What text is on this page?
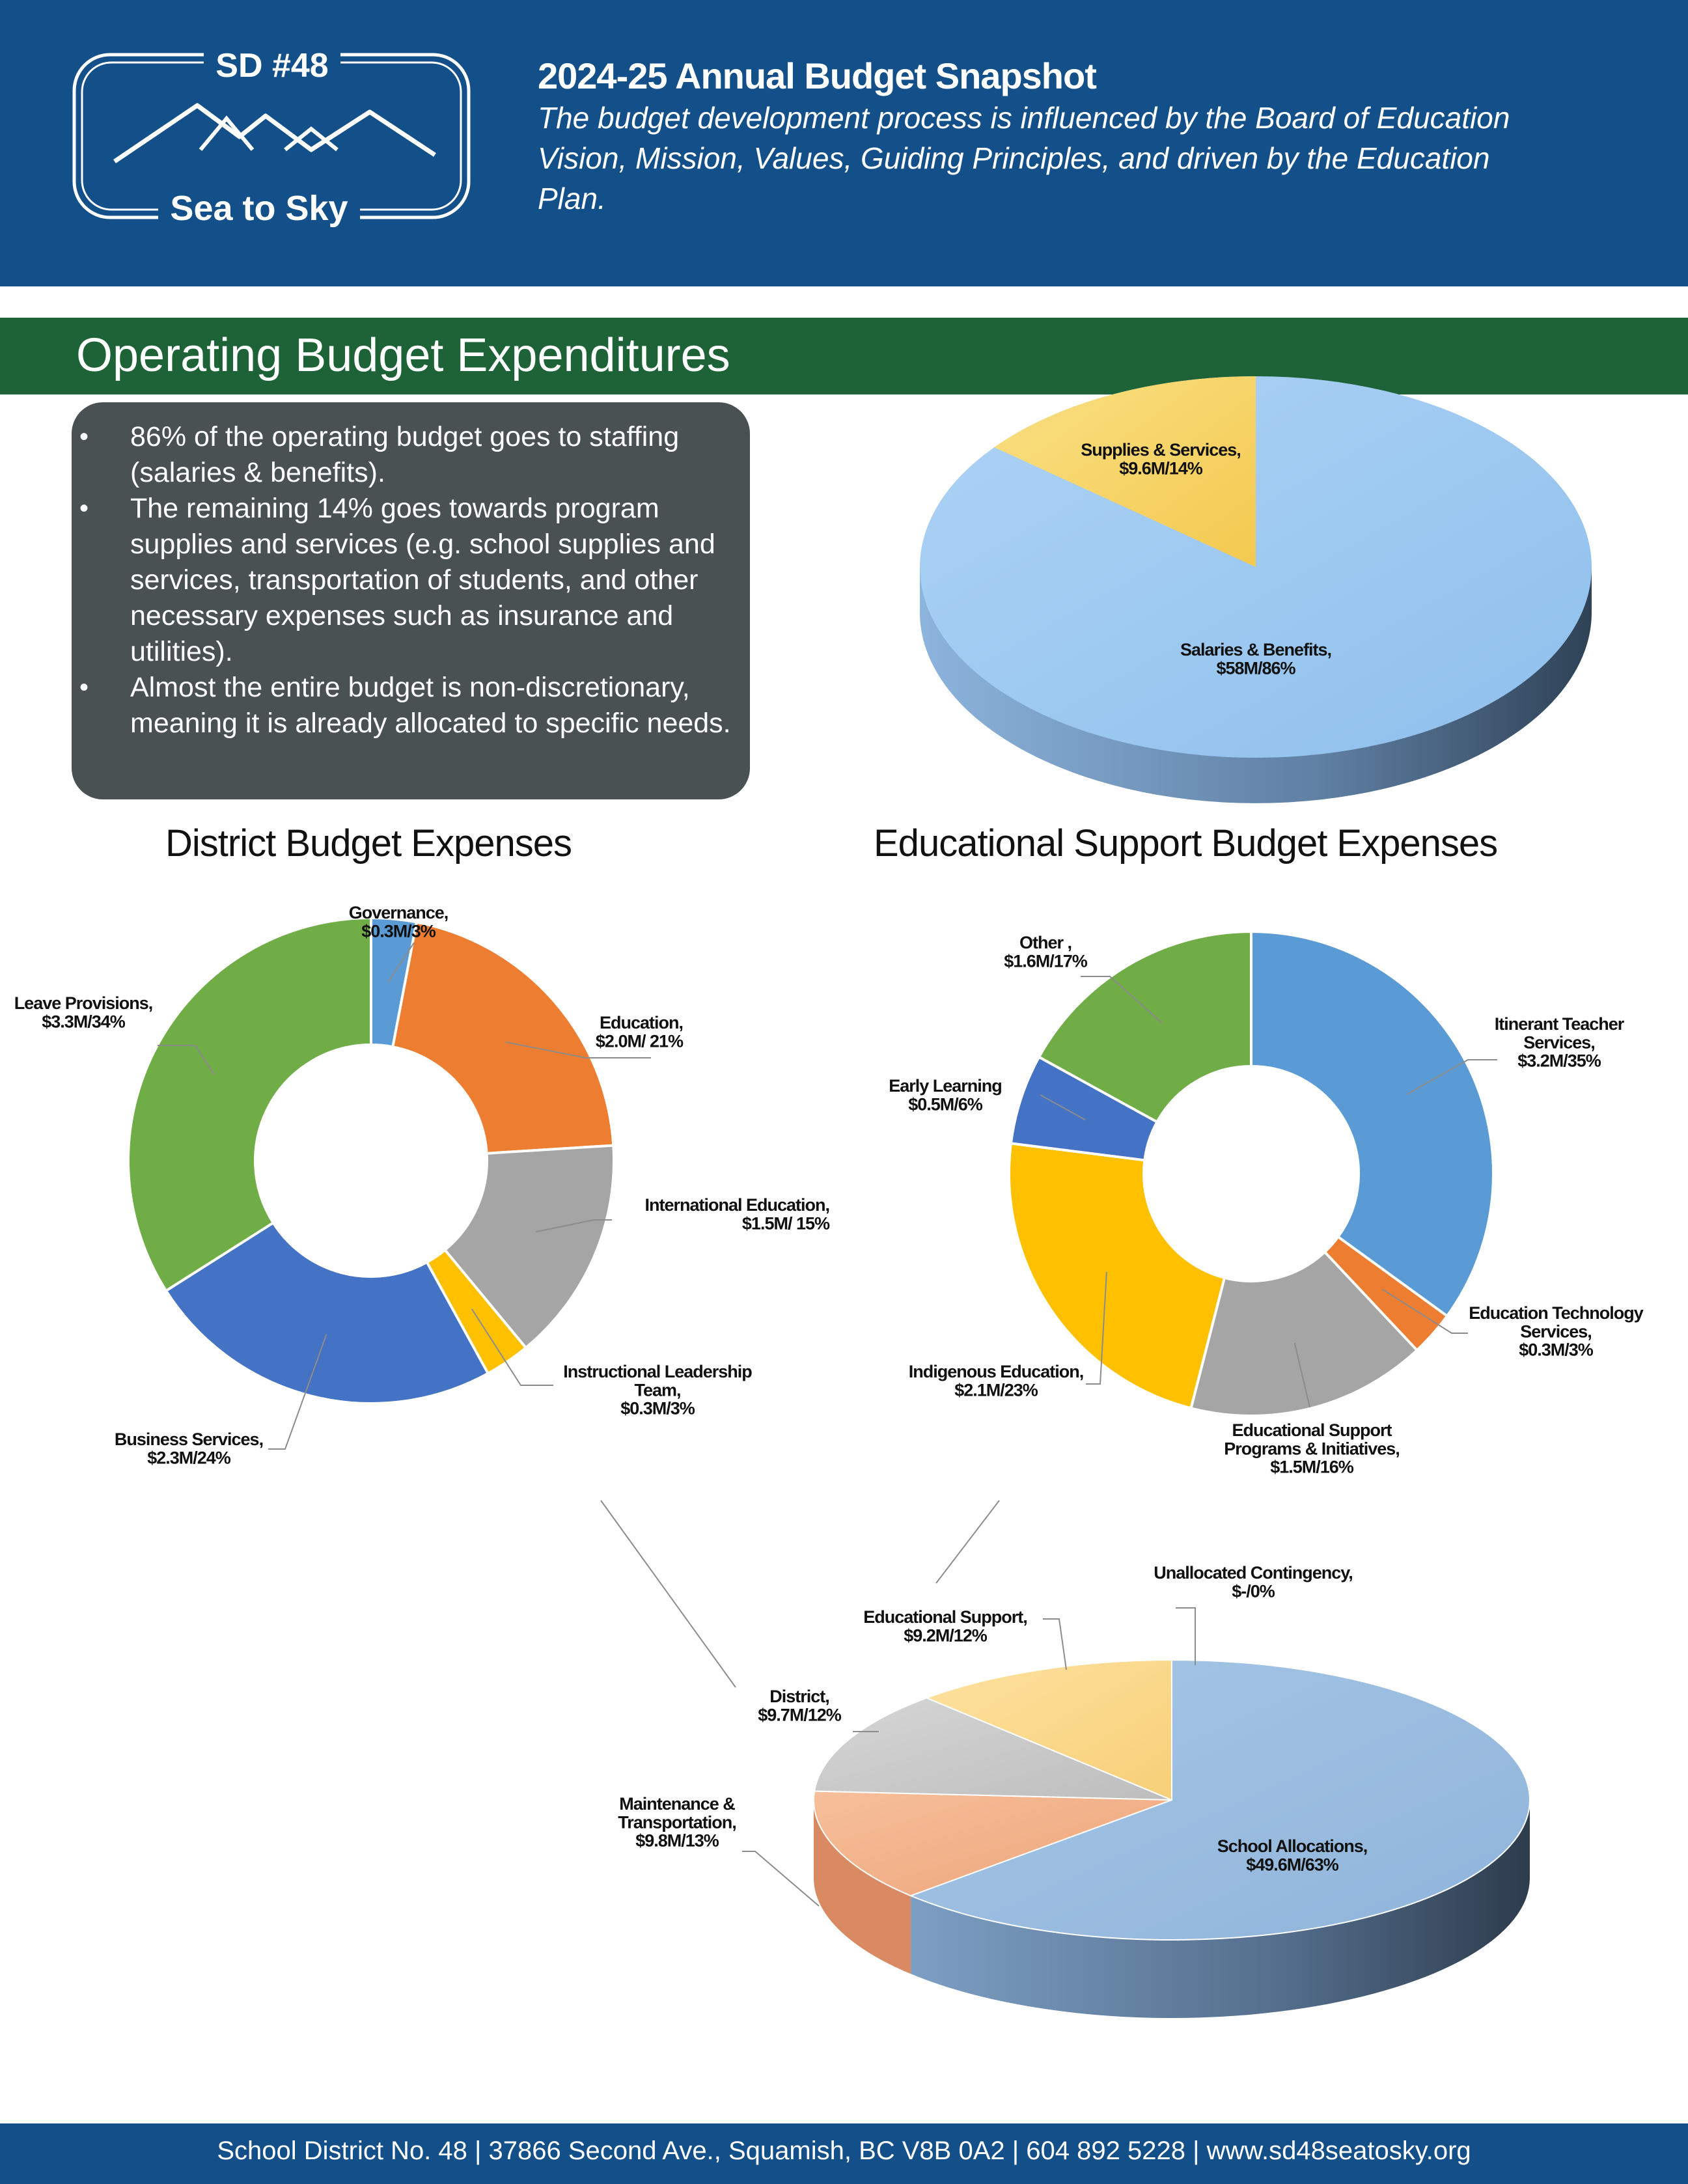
SD #48
Sea to Sky
2024-25 Annual Budget Snapshot
The budget development process is influenced by the Board of Education Vision, Mission, Values, Guiding Principles, and driven by the Education Plan.
Operating Budget Expenditures
• 86% of the operating budget goes to staffing (salaries & benefits).
• The remaining 14% goes towards program supplies and services (e.g. school supplies and services, transportation of students, and other necessary expenses such as insurance and utilities).
• Almost the entire budget is non-discretionary, meaning it is already allocated to specific needs.
District Budget Expenses	Educational Support Budget Expenses
Salaries & Benefits, $58M/86%
Supplies & Services, $9.6M/14%
Governance, $0.3M/3%
Education, $2.0M/ 21%
International Education, $1.5M/ 15%
Instructional Leadership Team, $0.3M/3%
Business Services, $2.3M/24%
Leave Provisions, $3.3M/34%	Itinerant Teacher Services, $3.2M/35%
Education Technology Services, $0.3M/3%
Educational Support Programs & Initiatives, $1.5M/16%
Indigenous Education, $2.1M/23%
Early Learning $0.5M/6%
Other , $1.6M/17%
Unallocated Contingency, $-/0%
School Allocations, $49.6M/63%
Maintenance & Transportation, $9.8M/13%
District, $9.7M/12%
Educational Support, $9.2M/12%
School District No. 48 | 37866 Second Ave., Squamish, BC V8B 0A2 | 604 892 5228 | www.sd48seatosky.org
